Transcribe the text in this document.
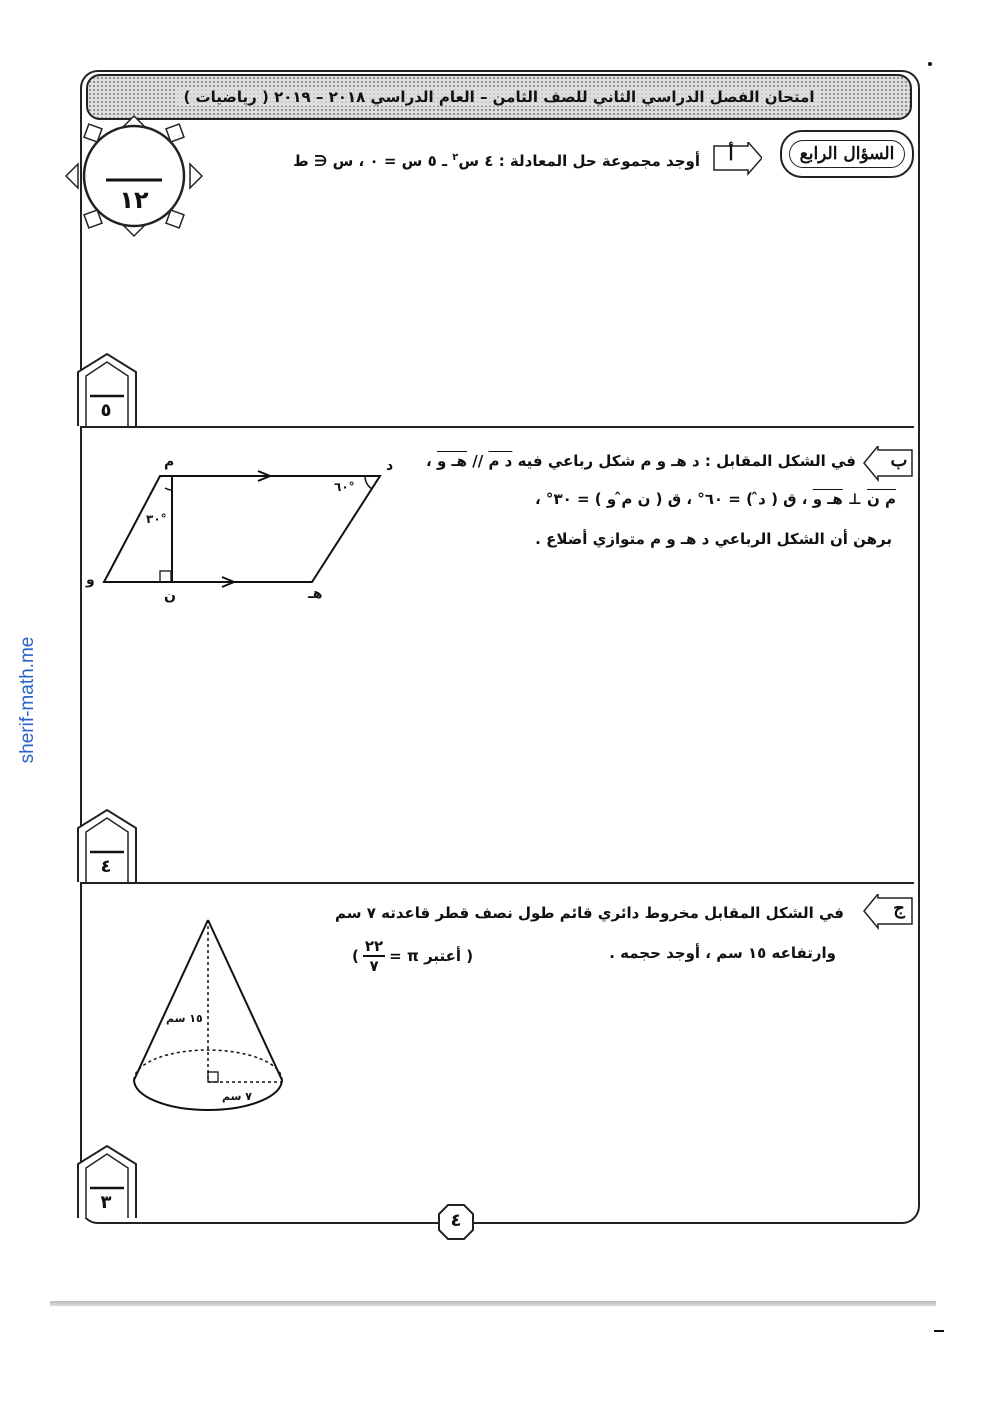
امتحان الفصل الدراسي الثاني للصف الثامن – العام الدراسي ٢٠١٨ – ٢٠١٩ ( رياضيات )
السؤال الرابع
١٢
أ
أوجد مجموعة حل المعادلة : ٤ س$^٢$ ـ ٥ س = ٠ ، س ∈ ط
٥
ب
في الشكل المقابل : د هـ و م شكل رباعي فيه د م // هـ و ،
م ن ⊥ هـ و ، ق ( د̂ ) = ٦٠° ، ق ( ن م̂ و ) = ٣٠° ،
برهن أن الشكل الرباعي د هـ و م متوازي أضلاع .
م	د
و
ن	هـ
٦٠°
٣٠°
٤
ج
في الشكل المقابل مخروط دائري قائم طول نصف قطر قاعدته ٧ سم
وارتفاعه ١٥ سم ، أوجد حجمه .
( أعتبر π =
٢٢
٧
)
١٥ سم
٧ سم
٣
٤
sherif-math.me
